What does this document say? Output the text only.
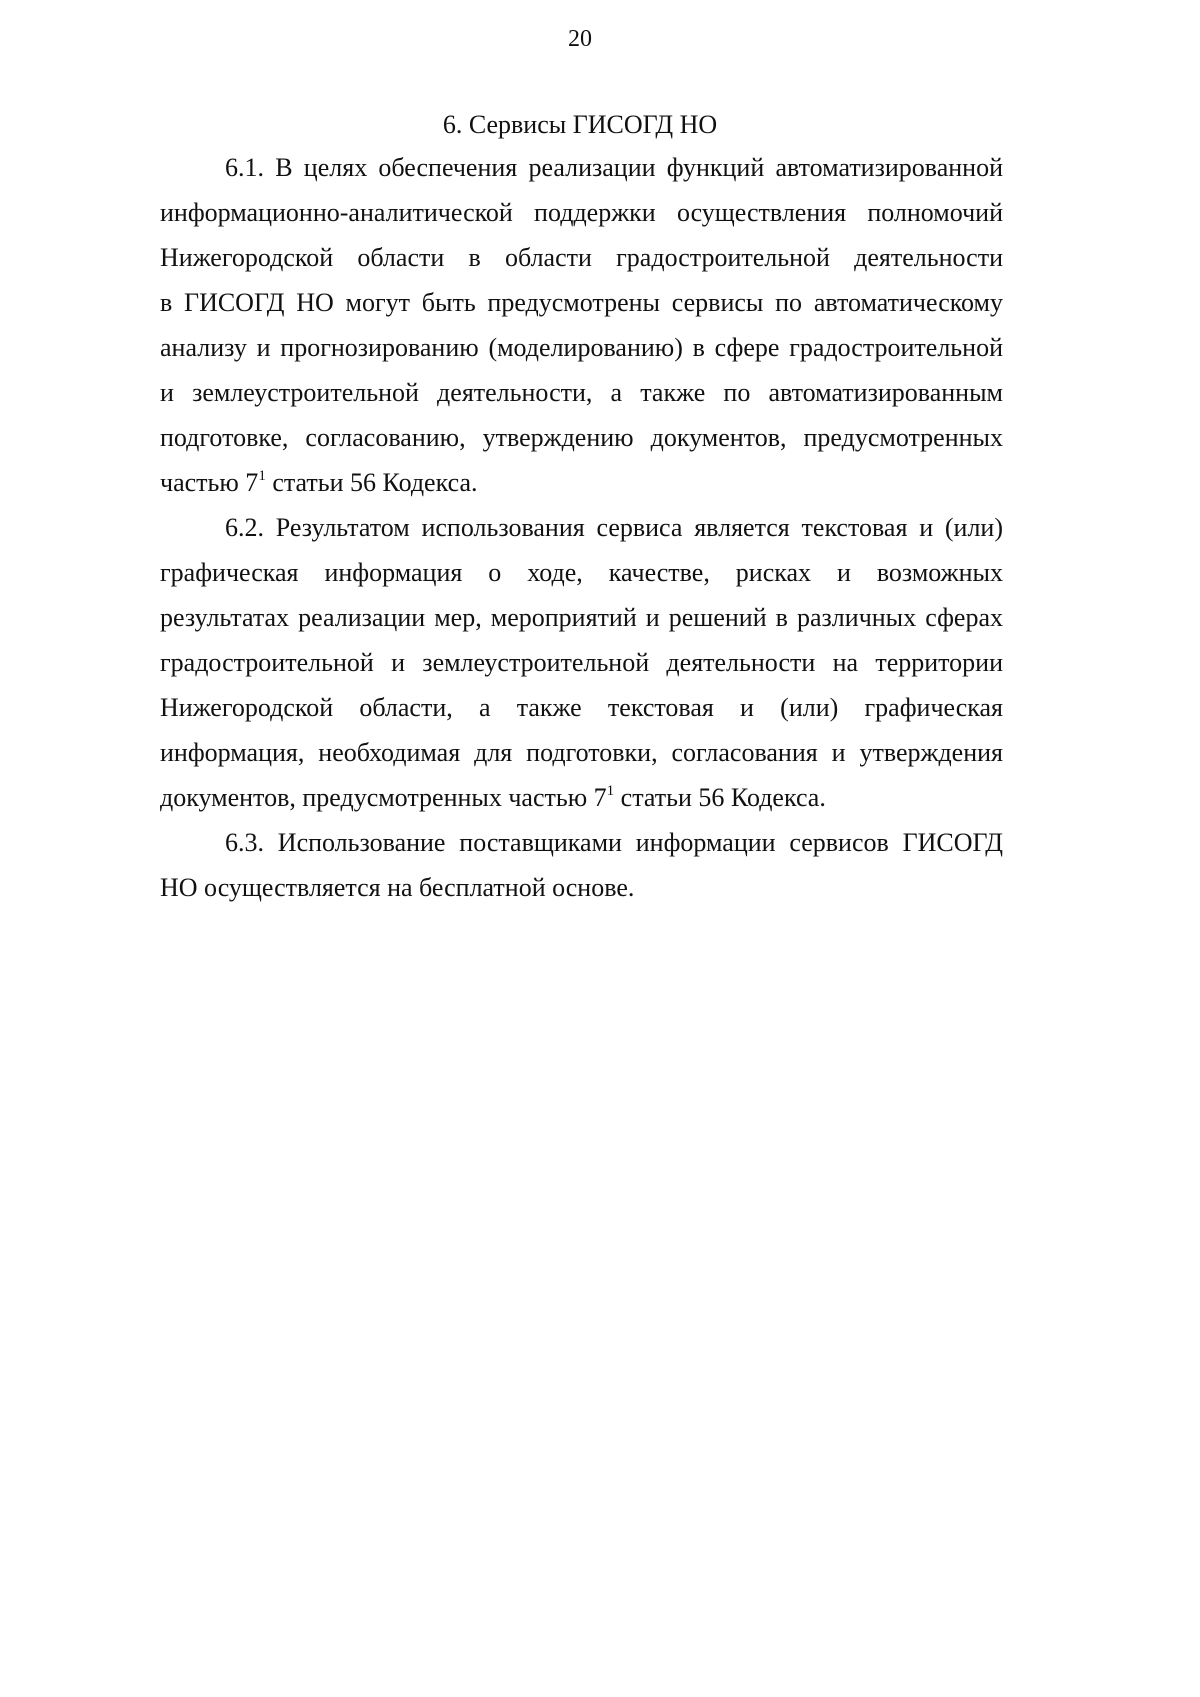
20
6. Сервисы ГИСОГД НО
6.1. В целях обеспечения реализации функций автоматизированной
информационно-аналитической поддержки осуществления полномочий
Нижегородской области в области градостроительной деятельности
в ГИСОГД НО могут быть предусмотрены сервисы по автоматическому
анализу и прогнозированию (моделированию) в сфере градостроительной
и землеустроительной деятельности, а также по автоматизированным
подготовке, согласованию, утверждению документов, предусмотренных
частью $7^1$ статьи 56 Кодекса.
6.2. Результатом использования сервиса является текстовая и (или)
графическая информация о ходе, качестве, рисках и возможных
результатах реализации мер, мероприятий и решений в различных сферах
градостроительной и землеустроительной деятельности на территории
Нижегородской области, а также текстовая и (или) графическая
информация, необходимая для подготовки, согласования и утверждения
документов, предусмотренных частью $7^1$ статьи 56 Кодекса.
6.3. Использование поставщиками информации сервисов ГИСОГД
НО осуществляется на бесплатной основе.
